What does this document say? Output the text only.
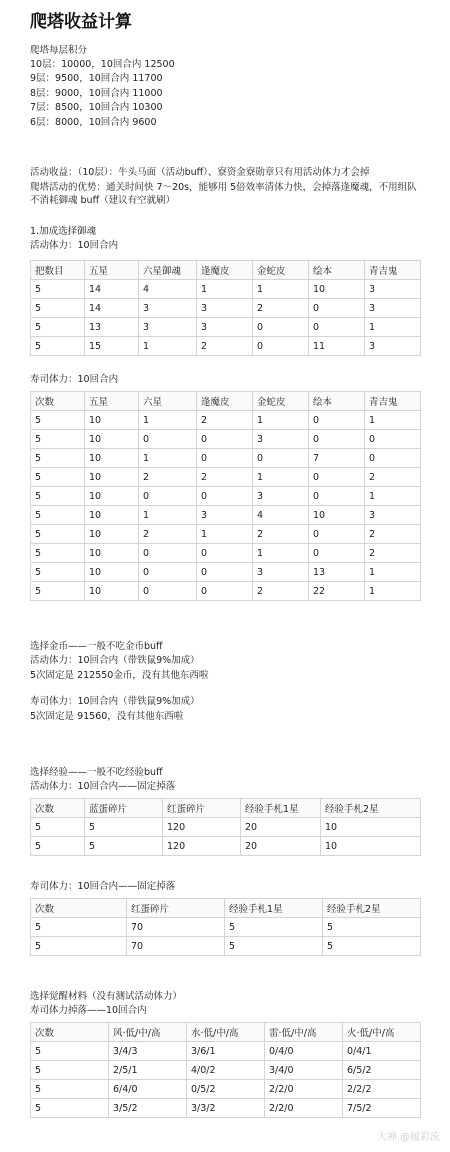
爬塔收益计算
爬塔每层积分
10层：10000，10回合内 12500
9层：9500，10回合内 11700
8层：9000，10回合内 11000
7层：8500，10回合内 10300
6层：8000，10回合内 9600
活动收益：（10层）：牛头马面（活动buff）、寮资金寮勋章只有用活动体力才会掉
爬塔活动的优势：通关时间快 7～20s，能够用 5倍效率清体力快，会掉落逢魔魂，不用组队不消耗御魂 buff（建议有空就刷）
1.加成选择御魂
活动体力：10回合内
把数目	五星	六星御魂	逢魔皮	金蛇皮	绘本	青吉鬼
5	14	4	1	1	10	3
5	14	3	3	2	0	3
5	13	3	3	0	0	1
5	15	1	2	0	11	3
寿司体力：10回合内
次数	五星	六星	逢魔皮	金蛇皮	绘本	青吉鬼
5	10	1	2	1	0	1
5	10	0	0	3	0	0
5	10	1	0	0	7	0
5	10	2	2	1	0	2
5	10	0	0	3	0	1
5	10	1	3	4	10	3
5	10	2	1	2	0	2
5	10	0	0	1	0	2
5	10	0	0	3	13	1
5	10	0	0	2	22	1
选择金币——一般不吃金币buff
活动体力：10回合内（带铁鼠9%加成）
5次固定是 212550金币，没有其他东西啦
寿司体力：10回合内（带铁鼠9%加成）
5次固定是 91560，没有其他东西啦
选择经验——一般不吃经验buff
活动体力：10回合内——固定掉落
次数	蓝蛋碎片	红蛋碎片	经验手札1星	经验手札2星
5	5	120	20	10
5	5	120	20	10
寿司体力：10回合内——固定掉落
次数	红蛋碎片	经验手札1星	经验手札2星
5	70	5	5
5	70	5	5
选择觉醒材料（没有测试活动体力）
寿司体力掉落——10回合内
次数	风·低/中/高	水·低/中/高	雷·低/中/高	火·低/中/高
5	3/4/3	3/6/1	0/4/0	0/4/1
5	2/5/1	4/0/2	3/4/0	6/5/2
5	6/4/0	0/5/2	2/2/0	2/2/2
5	3/5/2	3/3/2	2/2/0	7/5/2
大神 @履彩流
